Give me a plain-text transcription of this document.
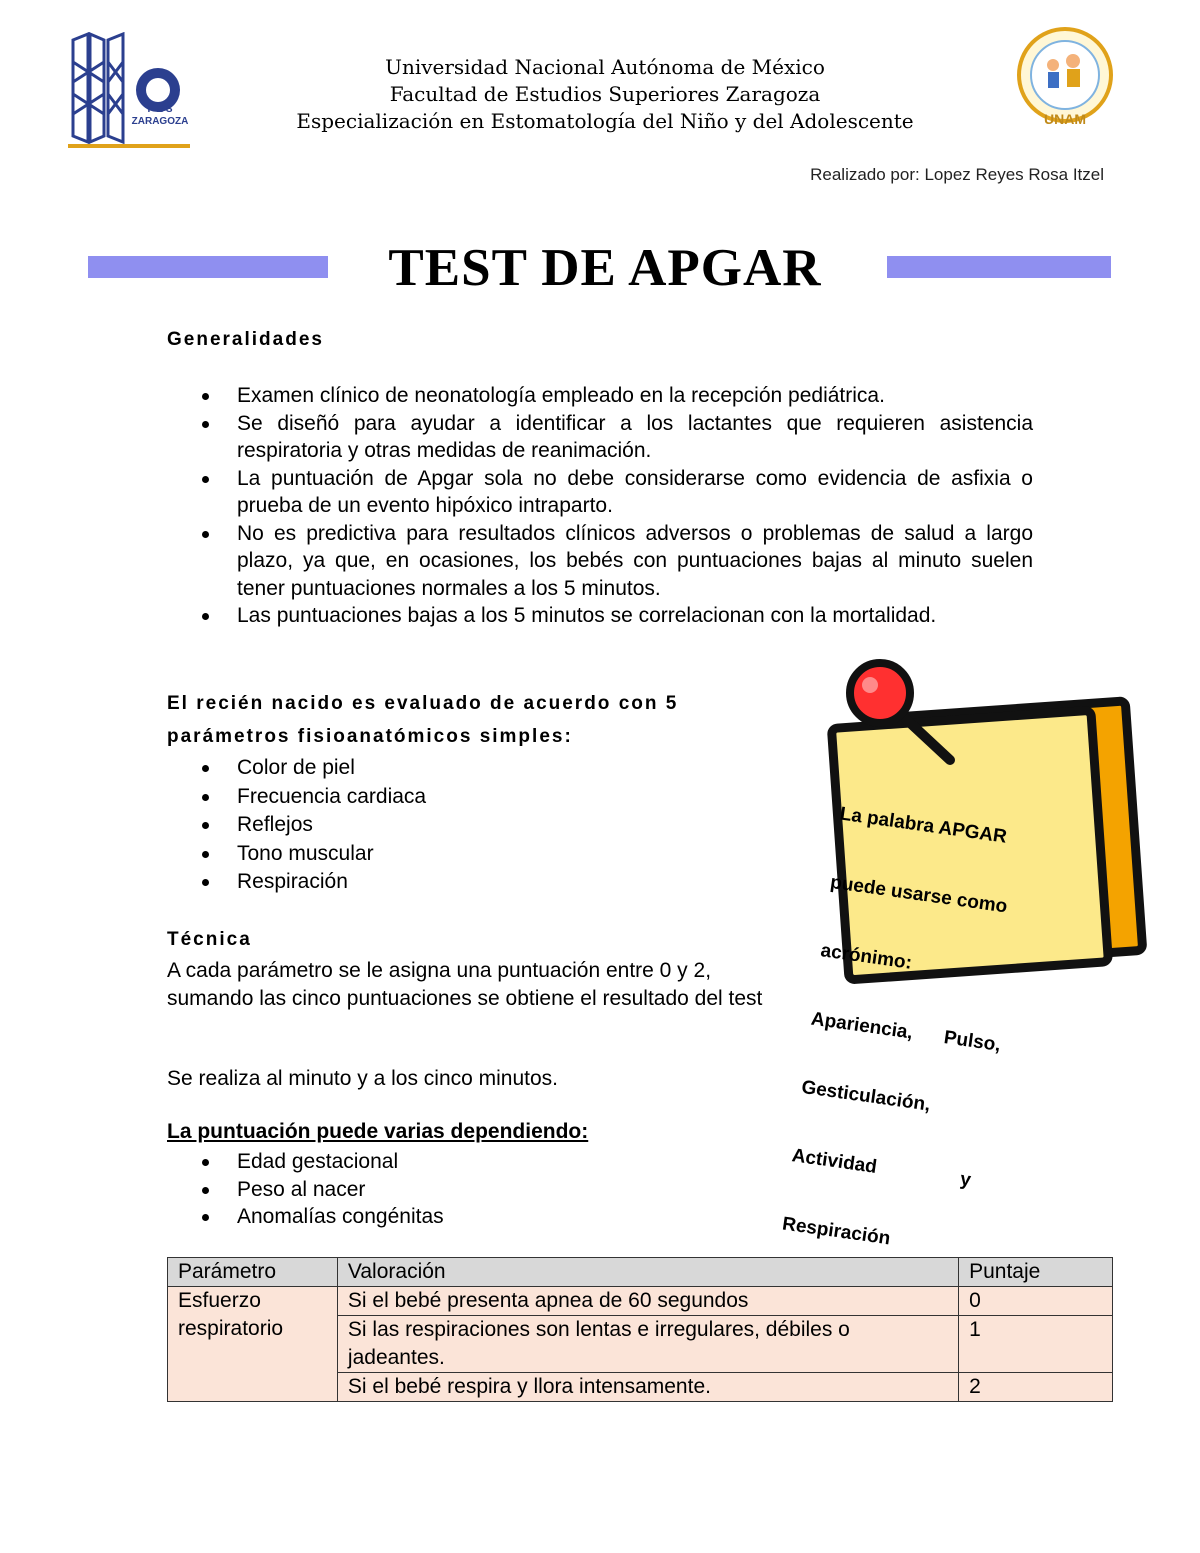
F E S ZARAGOZA
Universidad Nacional Autónoma de México
Facultad de Estudios Superiores Zaragoza
Especialización en Estomatología del Niño y del Adolescente	UNAM
Realizado por: Lopez Reyes Rosa Itzel
TEST DE APGAR
Generalidades
Examen clínico de neonatología empleado en la recepción pediátrica.
Se diseñó para ayudar a identificar a los lactantes que requieren asistencia respiratoria y otras medidas de reanimación.
La puntuación de Apgar sola no debe considerarse como evidencia de asfixia o prueba de un evento hipóxico intraparto.
No es predictiva para resultados clínicos adversos o problemas de salud a largo plazo, ya que, en ocasiones, los bebés con puntuaciones bajas al minuto suelen tener puntuaciones normales a los 5 minutos.
Las puntuaciones bajas a los 5 minutos se correlacionan con la mortalidad.
El recién nacido es evaluado de acuerdo con 5
parámetros fisioanatómicos simples:
Color de piel
Frecuencia cardiaca
Reflejos
Tono muscular
Respiración

La palabra APGAR

puede usarse como

acrónimo:

Apariencia,      Pulso,

Gesticulación,

Actividad                y

Respiración

Técnica
A cada parámetro se le asigna una puntuación entre 0 y 2, sumando las cinco puntuaciones se obtiene el resultado del test
Se realiza al minuto y a los cinco minutos.
La puntuación puede varias dependiendo:
Edad gestacional
Peso al nacer
Anomalías congénitas
Parámetro	Valoración	Puntaje
Esfuerzo respiratorio	Si el bebé presenta apnea de 60 segundos	0
	Si las respiraciones son lentas e irregulares, débiles o jadeantes.	1
	Si el bebé respira y llora intensamente.	2
